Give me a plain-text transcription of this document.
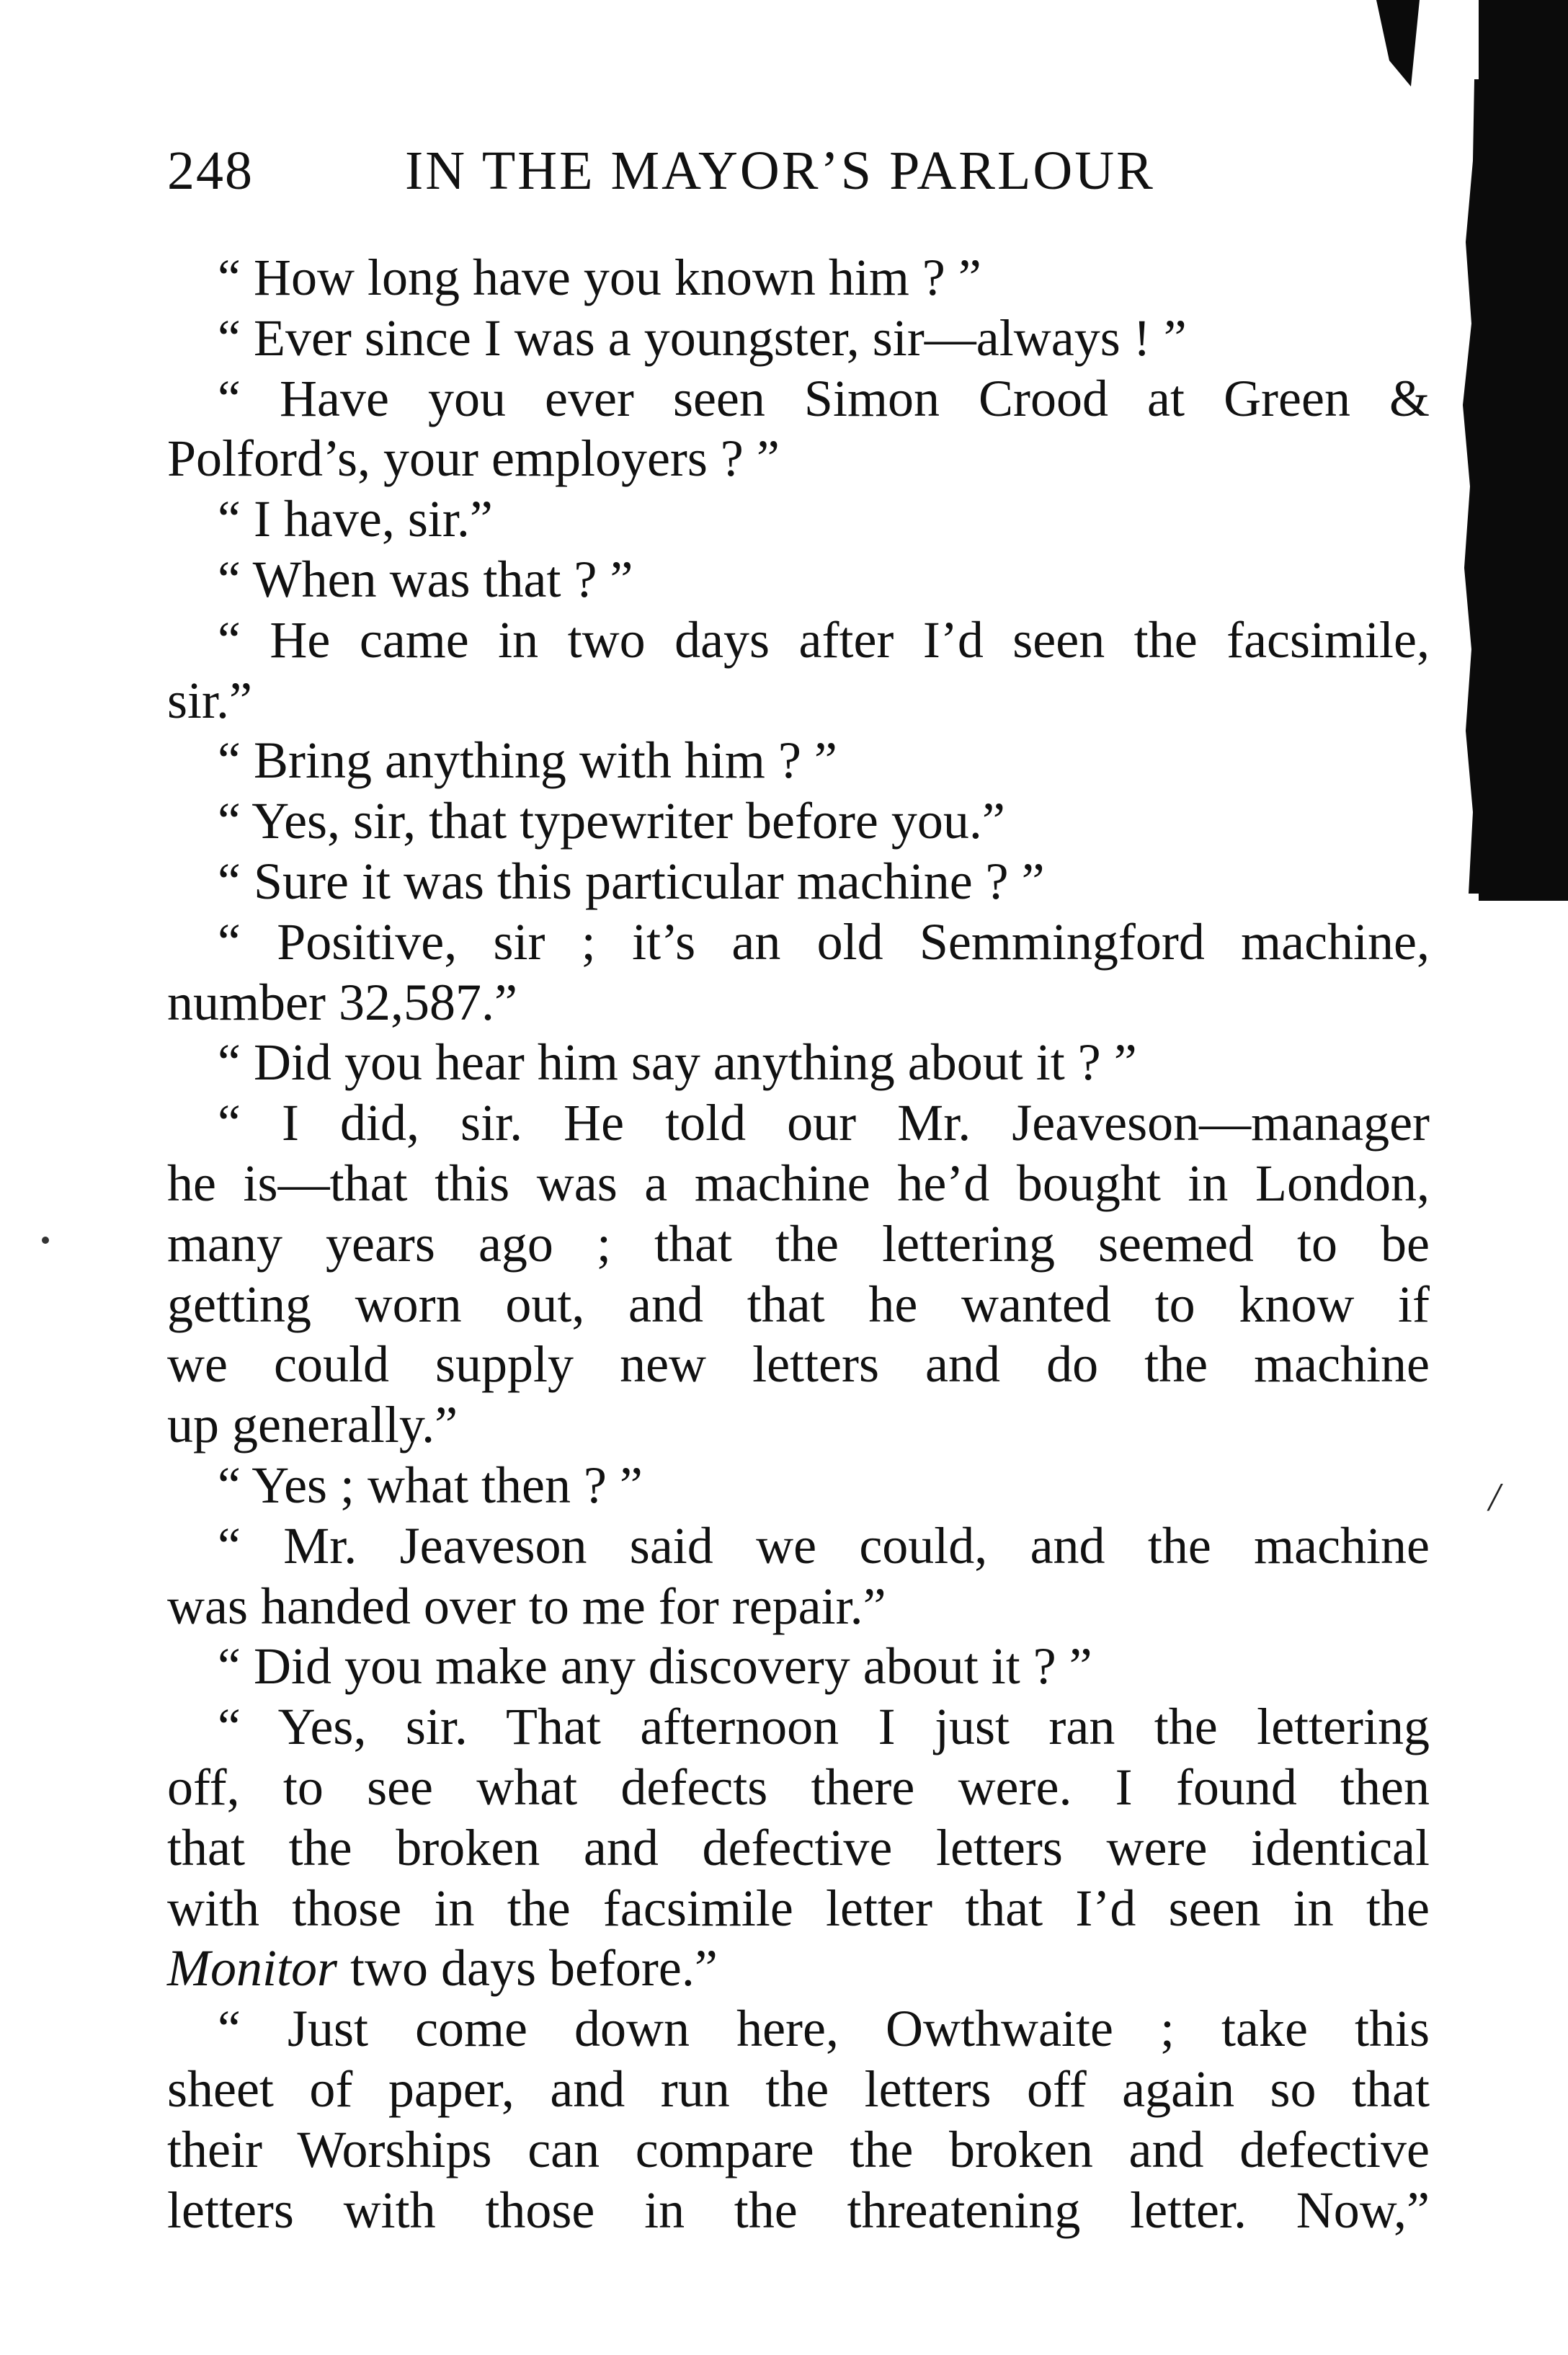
248	IN THE MAYOR’S PARLOUR
“ How long have you known him ? ”
“ Ever since I was a youngster, sir—always ! ”
“ Have you ever seen Simon Crood at Green &
Polford’s, your employers ? ”
“ I have, sir.”
“ When was that ? ”
“ He came in two days after I’d seen the facsimile,
sir.”
“ Bring anything with him ? ”
“ Yes, sir, that typewriter before you.”
“ Sure it was this particular machine ? ”
“ Positive, sir ; it’s an old Semmingford machine,
number 32,587.”
“ Did you hear him say anything about it ? ”
“ I did, sir. He told our Mr. Jeaveson—manager
he is—that this was a machine he’d bought in London,
many years ago ; that the lettering seemed to be
getting worn out, and that he wanted to know if
we could supply new letters and do the machine
up generally.”
“ Yes ; what then ? ”
“ Mr. Jeaveson said we could, and the machine
was handed over to me for repair.”
“ Did you make any discovery about it ? ”
“ Yes, sir. That afternoon I just ran the lettering
off, to see what defects there were. I found then
that the broken and defective letters were identical
with those in the facsimile letter that I’d seen in the
Monitor two days before.”
“ Just come down here, Owthwaite ; take this
sheet of paper, and run the letters off again so that
their Worships can compare the broken and defective
letters with those in the threatening letter. Now,”
/
